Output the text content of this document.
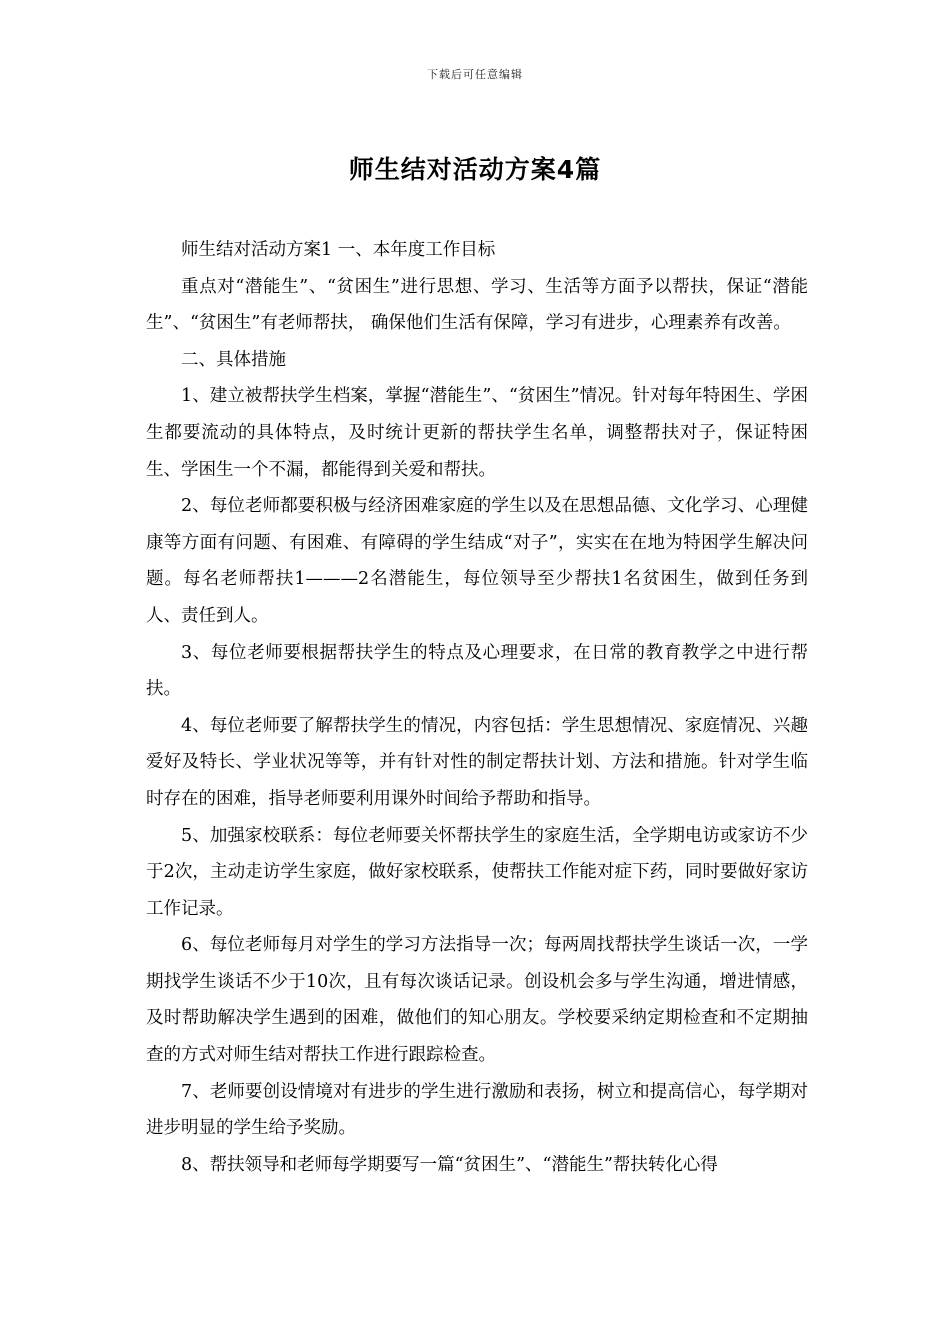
下载后可任意编辑
师生结对活动方案4篇

师生结对活动方案1 一、本年度工作目标

重点对“潜能生”、“贫困生”进行思想、学习、生活等方面予以帮扶，保证“潜能生”、“贫困生”有老师帮扶， 确保他们生活有保障，学习有进步，心理素养有改善。

二、具体措施

1、建立被帮扶学生档案，掌握“潜能生”、“贫困生”情况。针对每年特困生、学困生都要流动的具体特点，及时统计更新的帮扶学生名单，调整帮扶对子，保证特困生、学困生一个不漏，都能得到关爱和帮扶。

2、每位老师都要积极与经济困难家庭的学生以及在思想品德、文化学习、心理健康等方面有问题、有困难、有障碍的学生结成“对子”，实实在在地为特困学生解决问题。每名老师帮扶1———2名潜能生，每位领导至少帮扶1名贫困生，做到任务到人、责任到人。

3、每位老师要根据帮扶学生的特点及心理要求，在日常的教育教学之中进行帮扶。

4、每位老师要了解帮扶学生的情况，内容包括：学生思想情况、家庭情况、兴趣爱好及特长、学业状况等等，并有针对性的制定帮扶计划、方法和措施。针对学生临时存在的困难，指导老师要利用课外时间给予帮助和指导。

5、加强家校联系：每位老师要关怀帮扶学生的家庭生活，全学期电访或家访不少于2次，主动走访学生家庭，做好家校联系，使帮扶工作能对症下药，同时要做好家访工作记录。

6、每位老师每月对学生的学习方法指导一次；每两周找帮扶学生谈话一次，一学期找学生谈话不少于10次，且有每次谈话记录。创设机会多与学生沟通，增进情感，及时帮助解决学生遇到的困难，做他们的知心朋友。学校要采纳定期检查和不定期抽查的方式对师生结对帮扶工作进行跟踪检查。

7、老师要创设情境对有进步的学生进行激励和表扬，树立和提高信心，每学期对进步明显的学生给予奖励。

8、帮扶领导和老师每学期要写一篇“贫困生”、“潜能生”帮扶转化心得
